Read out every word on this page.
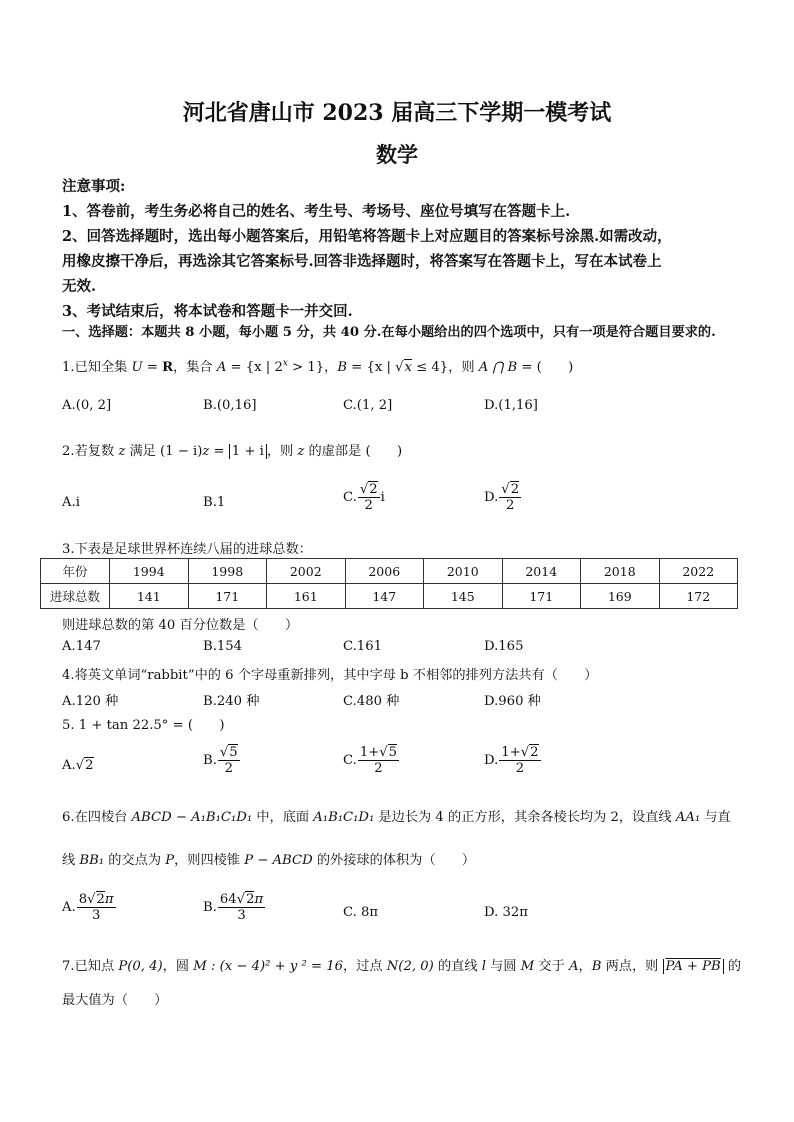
河北省唐山市 2023 届高三下学期一模考试
数学
注意事项:
1、答卷前，考生务必将自己的姓名、考生号、考场号、座位号填写在答题卡上.
2、回答选择题时，选出每小题答案后，用铅笔将答题卡上对应题目的答案标号涂黑.如需改动，
用橡皮擦干净后，再选涂其它答案标号.回答非选择题时，将答案写在答题卡上，写在本试卷上
无效.
3、考试结束后，将本试卷和答题卡一并交回.
一、选择题：本题共 8 小题，每小题 5 分，共 40 分.在每小题给出的四个选项中，只有一项是符合题目要求的.
1.已知全集 U = R，集合 A = {x | $2^x > 1$}，B = {x | √x ≤ 4}，则 A ⋂ B = (　　)
A.(0, 2]	B.(0,16]	C.(1, 2]	D.(1,16]
2.若复数 z 满足 (1 − i)z = 1 + i ，则 z 的虚部是 (　　)
A.i	B.1	C. $\frac{√2}{2}$ i	D. $\frac{√2}{2}$
3.下表是足球世界杯连续八届的进球总数：
年份	1994	1998	2002	2006	2010	2014	2018	2022
进球总数	141	171	161	147	145	171	169	172
则进球总数的第 40 百分位数是（　　）
A.147	B.154	C.161	D.165
4.将英文单词“rabbit”中的 6 个字母重新排列，其中字母 b 不相邻的排列方法共有（　　）
A.120 种	B.240 种	C.480 种	D.960 种
5. 1 + tan 22.5° = (　　)
A.√2	B. $\frac{√5}{2}$	C. $\frac{1+√5}{2}$	D. $\frac{1+√2}{2}$
6.在四棱台 ABCD − A₁B₁C₁D₁ 中，底面 A₁B₁C₁D₁ 是边长为 4 的正方形，其余各棱长均为 2，设直线 AA₁ 与直
线 BB₁ 的交点为 P，则四棱锥 P − ABCD 的外接球的体积为（　　）
A. $\frac{8√2\pi}{3}$	B. $\frac{64√2\pi}{3}$	C. 8π	D. 32π
7.已知点 P(0, 4)，圆 M : (x − 4)² + y ² = 16，过点 N(2, 0) 的直线 l 与圆 M 交于 A，B 两点，则 PA + PB 的
最大值为（　　）
